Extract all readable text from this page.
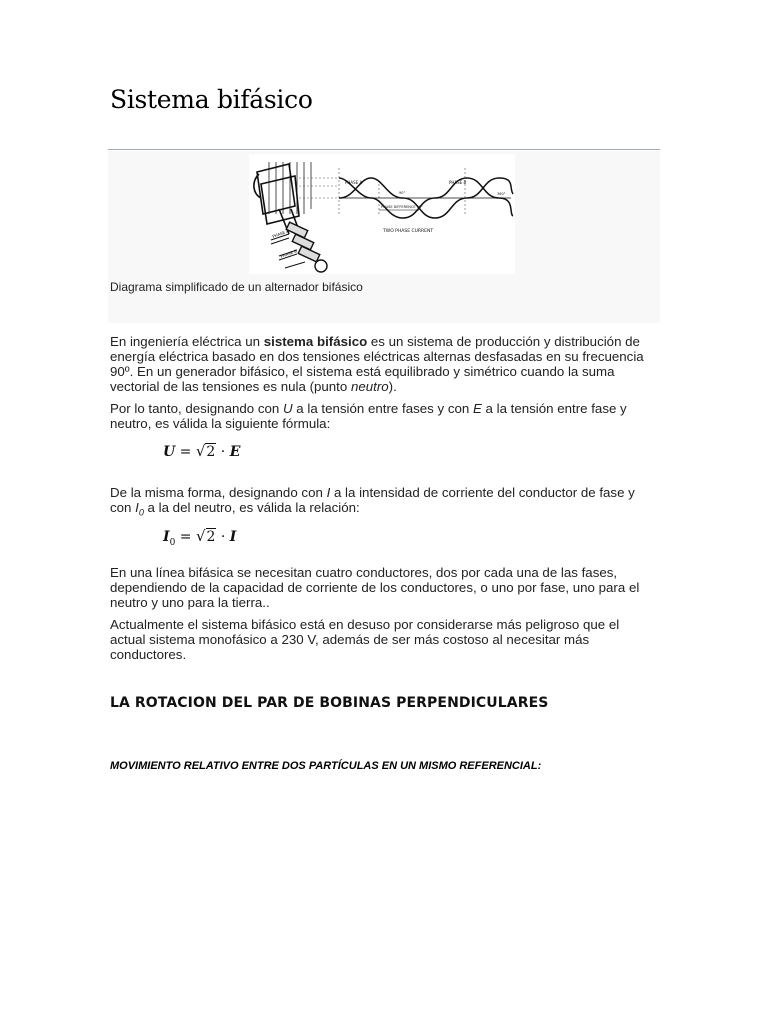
Sistema bifásico
PHASE A
PHASE B
PHASE A	PHASE B
90°	360°
PHASE DIFFERENCE 90°
TWO PHASE CURRENT
Diagrama simplificado de un alternador bifásico

En ingeniería eléctrica un sistema bifásico es un sistema de producción y distribución de energía eléctrica basado en dos tensiones eléctricas alternas desfasadas en su frecuencia 90º. En un generador bifásico, el sistema está equilibrado y simétrico cuando la suma vectorial de las tensiones es nula (punto neutro).

Por lo tanto, designando con U a la tensión entre fases y con E a la tensión entre fase y neutro, es válida la siguiente fórmula:

U = √2 · E

De la misma forma, designando con I a la intensidad de corriente del conductor de fase y con $I_0$ a la del neutro, es válida la relación:

$I_0 = √2 \cdot I$

En una línea bifásica se necesitan cuatro conductores, dos por cada una de las fases, dependiendo de la capacidad de corriente de los conductores, o uno por fase, uno para el neutro y uno para la tierra..

Actualmente el sistema bifásico está en desuso por considerarse más peligroso que el actual sistema monofásico a 230 V, además de ser más costoso al necesitar más conductores.

LA ROTACION DEL PAR DE BOBINAS PERPENDICULARES
MOVIMIENTO RELATIVO ENTRE DOS PARTÍCULAS EN UN MISMO REFERENCIAL:
